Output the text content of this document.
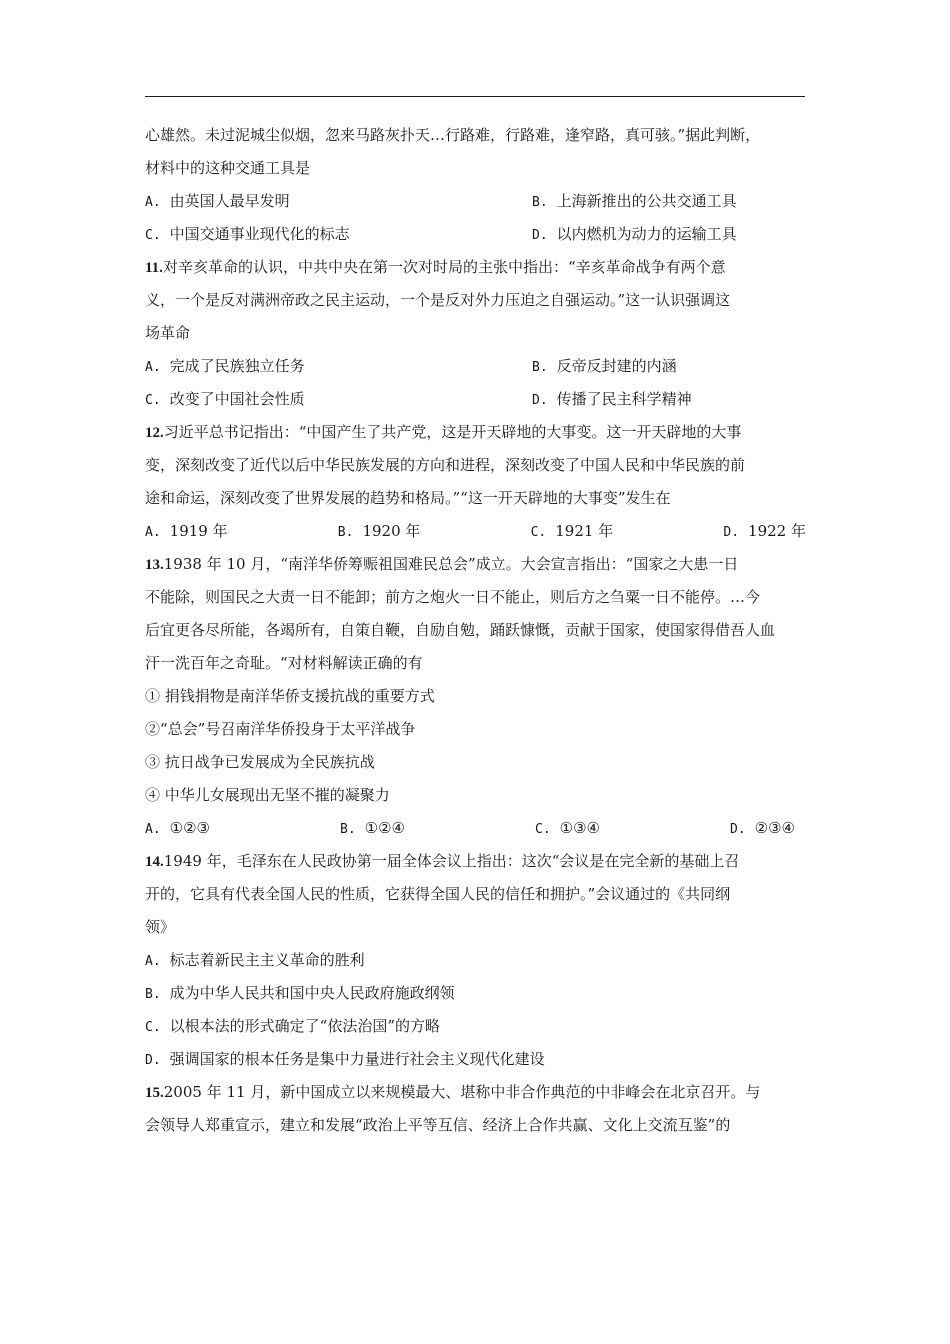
心雄然。未过泥城尘似烟，忽来马路灰扑天…行路难，行路难，逢窄路，真可骇。”据此判断，
材料中的这种交通工具是
A. 由英国人最早发明	B. 上海新推出的公共交通工具
C. 中国交通事业现代化的标志	D. 以内燃机为动力的运输工具
11.对辛亥革命的认识，中共中央在第一次对时局的主张中指出：“辛亥革命战争有两个意
义，一个是反对满洲帝政之民主运动，一个是反对外力压迫之自强运动。”这一认识强调这
场革命
A. 完成了民族独立任务	B. 反帝反封建的内涵
C. 改变了中国社会性质	D. 传播了民主科学精神
12.习近平总书记指出：“中国产生了共产党，这是开天辟地的大事变。这一开天辟地的大事
变，深刻改变了近代以后中华民族发展的方向和进程，深刻改变了中国人民和中华民族的前
途和命运，深刻改变了世界发展的趋势和格局。”“这一开天辟地的大事变”发生在
A. 1919 年	B. 1920 年	C. 1921 年	D. 1922 年
13.1938 年 10 月，“南洋华侨筹赈祖国难民总会”成立。大会宣言指出：“国家之大患一日
不能除，则国民之大责一日不能卸；前方之炮火一日不能止，则后方之刍粟一日不能停。…今
后宜更各尽所能，各竭所有，自策自鞭，自励自勉，踊跃慷慨，贡献于国家，使国家得借吾人血
汗一洗百年之奇耻。“对材料解读正确的有
① 捐钱捐物是南洋华侨支援抗战的重要方式
②“总会”号召南洋华侨投身于太平洋战争
③ 抗日战争已发展成为全民族抗战
④ 中华儿女展现出无坚不摧的凝聚力
A. ①②③	B. ①②④	C. ①③④	D. ②③④
14.1949 年，毛泽东在人民政协第一届全体会议上指出：这次“会议是在完全新的基础上召
开的，它具有代表全国人民的性质，它获得全国人民的信任和拥护。”会议通过的《共同纲
领》
A. 标志着新民主主义革命的胜利
B. 成为中华人民共和国中央人民政府施政纲领
C. 以根本法的形式确定了“依法治国”的方略
D. 强调国家的根本任务是集中力量进行社会主义现代化建设
15.2005 年 11 月，新中国成立以来规模最大、堪称中非合作典范的中非峰会在北京召开。与
会领导人郑重宣示，建立和发展“政治上平等互信、经济上合作共赢、文化上交流互鉴”的
